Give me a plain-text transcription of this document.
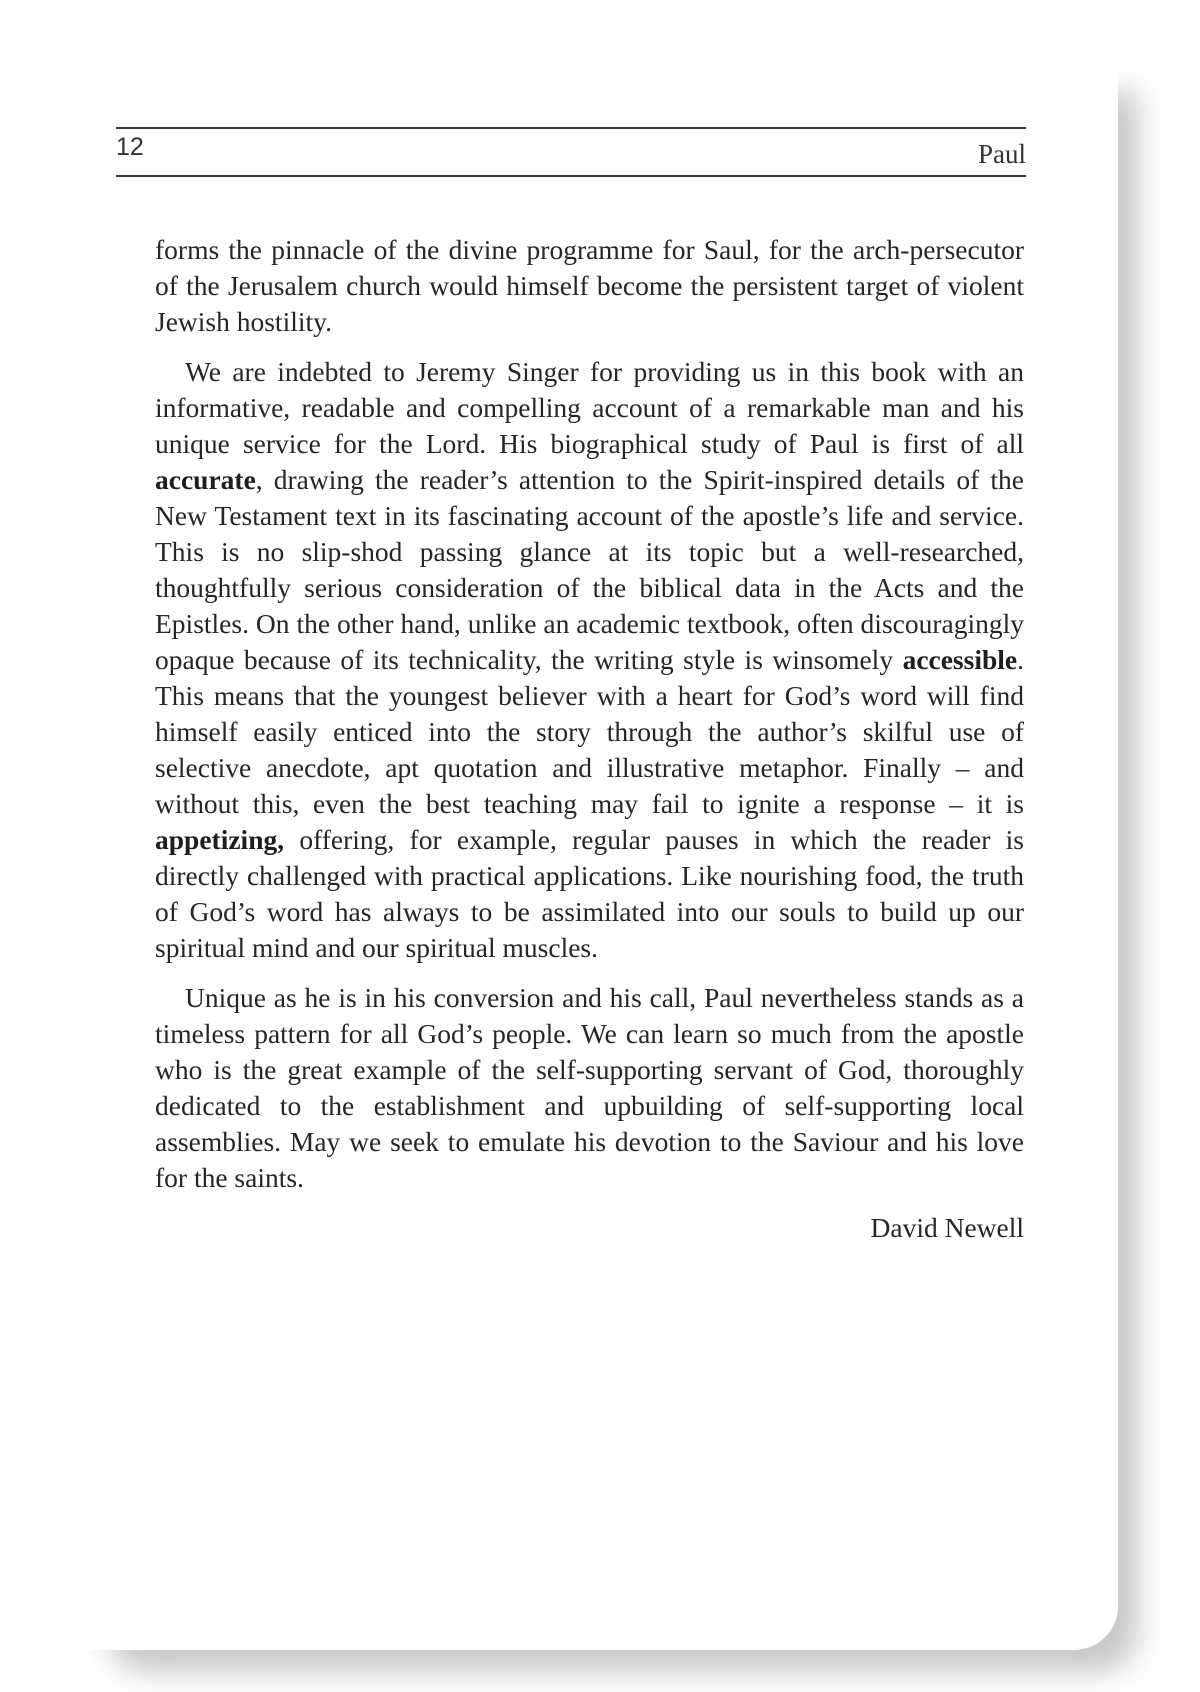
12	Paul

forms the pinnacle of the divine programme for Saul, for the arch-persecutor of the Jerusalem church would himself become the persistent target of violent Jewish hostility.

We are indebted to Jeremy Singer for providing us in this book with an informative, readable and compelling account of a remarkable man and his unique service for the Lord. His biographical study of Paul is first of all accurate, drawing the reader’s attention to the Spirit-inspired details of the New Testament text in its fascinating account of the apostle’s life and service. This is no slip-shod passing glance at its topic but a well-researched, thoughtfully serious consideration of the biblical data in the Acts and the Epistles. On the other hand, unlike an academic textbook, often discouragingly opaque because of its technicality, the writing style is winsomely accessible. This means that the youngest believer with a heart for God’s word will find himself easily enticed into the story through the author’s skilful use of selective anecdote, apt quotation and illustrative metaphor. Finally – and without this, even the best teaching may fail to ignite a response – it is appetizing, offering, for example, regular pauses in which the reader is directly challenged with practical applications. Like nourishing food, the truth of God’s word has always to be assimilated into our souls to build up our spiritual mind and our spiritual muscles.

Unique as he is in his conversion and his call, Paul nevertheless stands as a timeless pattern for all God’s people. We can learn so much from the apostle who is the great example of the self-supporting servant of God, thoroughly dedicated to the establishment and upbuilding of self-supporting local assemblies. May we seek to emulate his devotion to the Saviour and his love for the saints.

David Newell
